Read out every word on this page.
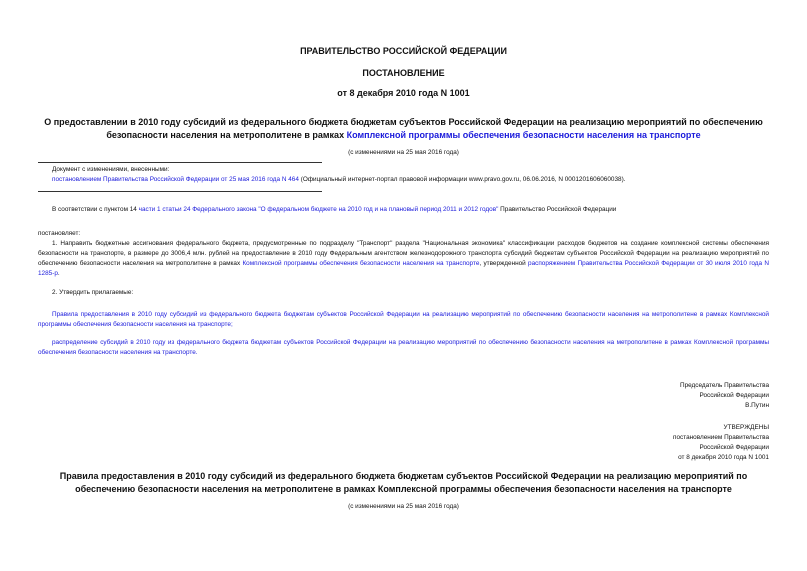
ПРАВИТЕЛЬСТВО РОССИЙСКОЙ ФЕДЕРАЦИИ
ПОСТАНОВЛЕНИЕ
от 8 декабря 2010 года N 1001
О предоставлении в 2010 году субсидий из федерального бюджета бюджетам субъектов Российской Федерации на реализацию мероприятий по обеспечению безопасности населения на метрополитене в рамках Комплексной программы обеспечения безопасности населения на транспорте
(с изменениями на 25 мая 2016 года)
Документ с изменениями, внесенными:
постановлением Правительства Российской Федерации от 25 мая 2016 года N 464 (Официальный интернет-портал правовой информации www.pravo.gov.ru, 06.06.2016, N 0001201606060038).
В соответствии с пунктом 14 части 1 статьи 24 Федерального закона "О федеральном бюджете на 2010 год и на плановый период 2011 и 2012 годов" Правительство Российской Федерации
постановляет:
1. Направить бюджетные ассигнования федерального бюджета, предусмотренные по подразделу "Транспорт" раздела "Национальная экономика" классификации расходов бюджетов на создание комплексной системы обеспечения безопасности на транспорте, в размере до 3006,4 млн. рублей на предоставление в 2010 году Федеральным агентством железнодорожного транспорта субсидий бюджетам субъектов Российской Федерации на реализацию мероприятий по обеспечению безопасности населения на метрополитене в рамках Комплексной программы обеспечения безопасности населения на транспорте, утвержденной распоряжением Правительства Российской Федерации от 30 июля 2010 года N 1285-р.
2. Утвердить прилагаемые:
Правила предоставления в 2010 году субсидий из федерального бюджета бюджетам субъектов Российской Федерации на реализацию мероприятий по обеспечению безопасности населения на метрополитене в рамках Комплексной программы обеспечения безопасности населения на транспорте;
распределение субсидий в 2010 году из федерального бюджета бюджетам субъектов Российской Федерации на реализацию мероприятий по обеспечению безопасности населения на метрополитене в рамках Комплексной программы обеспечения безопасности населения на транспорте.
Председатель Правительства
Российской Федерации
В.Путин
УТВЕРЖДЕНЫ
постановлением Правительства
Российской Федерации
от 8 декабря 2010 года N 1001
Правила предоставления в 2010 году субсидий из федерального бюджета бюджетам субъектов Российской Федерации на реализацию мероприятий по обеспечению безопасности населения на метрополитене в рамках Комплексной программы обеспечения безопасности населения на транспорте
(с изменениями на 25 мая 2016 года)
